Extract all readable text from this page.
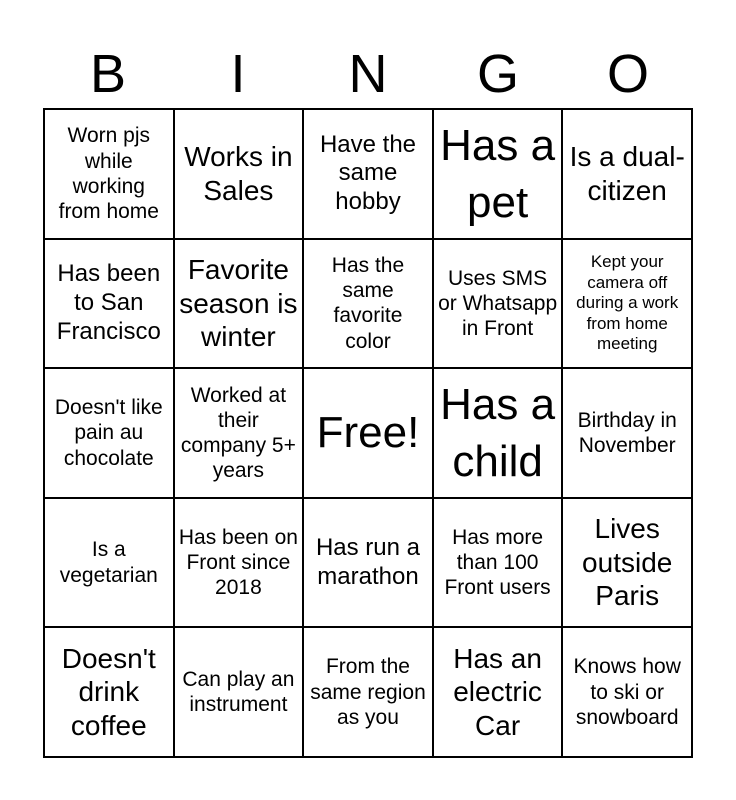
B	I	N	G	O
Worn pjs while working from home
Works in Sales
Have the same hobby
Has a pet
Is a dual-citizen
Has been to San Francisco
Favorite season is winter
Has the same favorite color
Uses SMS or Whatsapp in Front
Kept your camera off during a work from home meeting
Doesn't like pain au chocolate
Worked at their company 5+ years
Free!
Has a child
Birthday in November
Is a vegetarian
Has been on Front since 2018
Has run a marathon
Has more than 100 Front users
Lives outside Paris
Doesn't drink coffee
Can play an instrument
From the same region as you
Has an electric Car
Knows how to ski or snowboard
